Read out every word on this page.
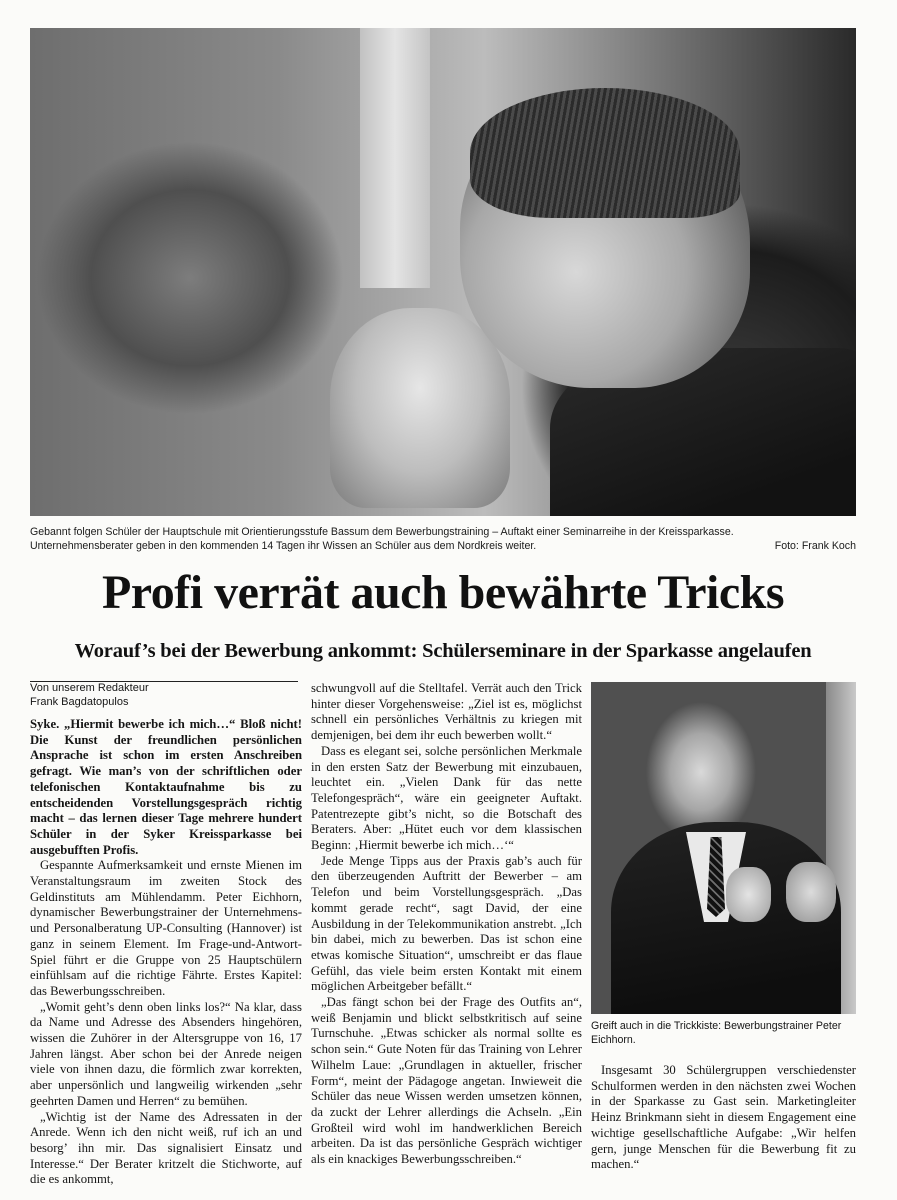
Gebannt folgen Schüler der Hauptschule mit Orientierungsstufe Bassum dem Bewerbungstraining – Auftakt einer Seminarreihe in der Kreissparkasse.
Unternehmensberater geben in den kommenden 14 Tagen ihr Wissen an Schüler aus dem Nordkreis weiter.	Foto: Frank Koch
Profi verrät auch bewährte Tricks
Worauf’s bei der Bewerbung ankommt: Schülerseminare in der Sparkasse angelaufen
Von unserem Redakteur
Frank Bagdatopulos

Syke. „Hiermit bewerbe ich mich…“ Bloß nicht! Die Kunst der freundlichen persönlichen Ansprache ist schon im ersten Anschreiben gefragt. Wie man’s von der schriftlichen oder telefonischen Kontaktaufnahme bis zu entscheidenden Vorstellungsgespräch richtig macht – das lernen dieser Tage mehrere hundert Schüler in der Syker Kreissparkasse bei ausgebufften Profis.

Gespannte Aufmerksamkeit und ernste Mienen im Veranstaltungsraum im zweiten Stock des Geldinstituts am Mühlendamm. Peter Eichhorn, dynamischer Bewerbungstrainer der Unternehmens- und Personalberatung UP-Consulting (Hannover) ist ganz in seinem Element. Im Frage-und-Antwort-Spiel führt er die Gruppe von 25 Hauptschülern einfühlsam auf die richtige Fährte. Erstes Kapitel: das Bewerbungsschreiben.

„Womit geht’s denn oben links los?“ Na klar, dass da Name und Adresse des Absenders hingehören, wissen die Zuhörer in der Altersgruppe von 16, 17 Jahren längst. Aber schon bei der Anrede neigen viele von ihnen dazu, die förmlich zwar korrekten, aber unpersönlich und langweilig wirkenden „sehr geehrten Damen und Herren“ zu bemühen.

„Wichtig ist der Name des Adressaten in der Anrede. Wenn ich den nicht weiß, ruf ich an und besorg’ ihn mir. Das signalisiert Einsatz und Interesse.“ Der Berater kritzelt die Stichworte, auf die es ankommt,

schwungvoll auf die Stelltafel. Verrät auch den Trick hinter dieser Vorgehensweise: „Ziel ist es, möglichst schnell ein persönliches Verhältnis zu kriegen mit demjenigen, bei dem ihr euch bewerben wollt.“

Dass es elegant sei, solche persönlichen Merkmale in den ersten Satz der Bewerbung mit einzubauen, leuchtet ein. „Vielen Dank für das nette Telefongespräch“, wäre ein geeigneter Auftakt. Patentrezepte gibt’s nicht, so die Botschaft des Beraters. Aber: „Hütet euch vor dem klassischen Beginn: ‚Hiermit bewerbe ich mich…‘“

Jede Menge Tipps aus der Praxis gab’s auch für den überzeugenden Auftritt der Bewerber – am Telefon und beim Vorstellungsgespräch. „Das kommt gerade recht“, sagt David, der eine Ausbildung in der Telekommunikation anstrebt. „Ich bin dabei, mich zu bewerben. Das ist schon eine etwas komische Situation“, umschreibt er das flaue Gefühl, das viele beim ersten Kontakt mit einem möglichen Arbeitgeber befällt.“

„Das fängt schon bei der Frage des Outfits an“, weiß Benjamin und blickt selbstkritisch auf seine Turnschuhe. „Etwas schicker als normal sollte es schon sein.“ Gute Noten für das Training von Lehrer Wilhelm Laue: „Grundlagen in aktueller, frischer Form“, meint der Pädagoge angetan. Inwieweit die Schüler das neue Wissen werden umsetzen können, da zuckt der Lehrer allerdings die Achseln. „Ein Großteil wird wohl im handwerklichen Bereich arbeiten. Da ist das persönliche Gespräch wichtiger als ein knackiges Bewerbungsschreiben.“

Greift auch in die Trickkiste: Bewerbungstrainer Peter Eichhorn.

Insgesamt 30 Schülergruppen verschiedenster Schulformen werden in den nächsten zwei Wochen in der Sparkasse zu Gast sein. Marketingleiter Heinz Brinkmann sieht in diesem Engagement eine wichtige gesellschaftliche Aufgabe: „Wir helfen gern, junge Menschen für die Bewerbung fit zu machen.“
